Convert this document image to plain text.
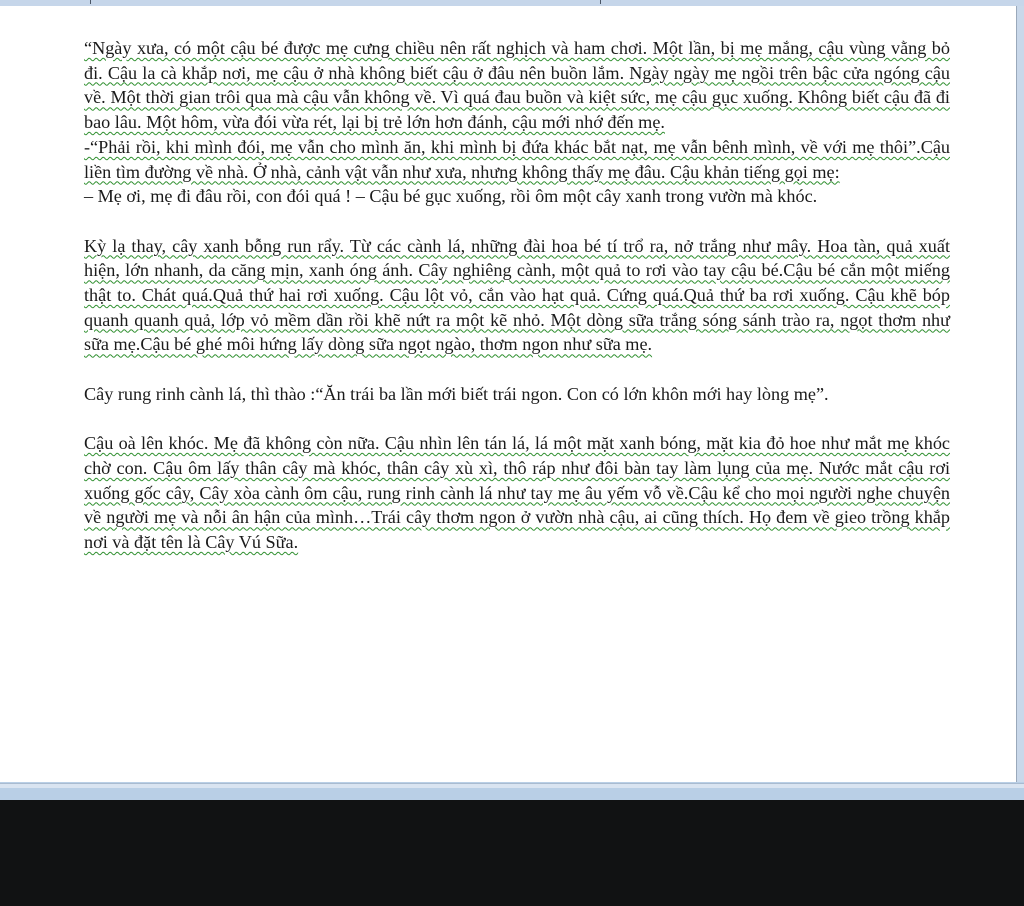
“Ngày xưa, có một cậu bé được mẹ cưng chiều nên rất nghịch và ham chơi. Một lần, bị mẹ mắng, cậu vùng vằng bỏ đi. Cậu la cà khắp nơi, mẹ cậu ở nhà không biết cậu ở đâu nên buồn lắm. Ngày ngày mẹ ngồi trên bậc cửa ngóng cậu về. Một thời gian trôi qua mà cậu vẫn không về. Vì quá đau buồn và kiệt sức, mẹ cậu gục xuống. Không biết cậu đã đi bao lâu. Một hôm, vừa đói vừa rét, lại bị trẻ lớn hơn đánh, cậu mới nhớ đến mẹ.

-“Phải rồi, khi mình đói, mẹ vẫn cho mình ăn, khi mình bị đứa khác bắt nạt, mẹ vẫn bênh mình, về với mẹ thôi”.Cậu liền tìm đường về nhà. Ở nhà, cảnh vật vẫn như xưa, nhưng không thấy mẹ đâu. Cậu khản tiếng gọi mẹ:

– Mẹ ơi, mẹ đi đâu rồi, con đói quá ! – Cậu bé gục xuống, rồi ôm một cây xanh trong vườn mà khóc.

Kỳ lạ thay, cây xanh bỗng run rẩy. Từ các cành lá, những đài hoa bé tí trổ ra, nở trắng như mây. Hoa tàn, quả xuất hiện, lớn nhanh, da căng mịn, xanh óng ánh. Cây nghiêng cành, một quả to rơi vào tay cậu bé.Cậu bé cắn một miếng thật to. Chát quá.Quả thứ hai rơi xuống. Cậu lột vỏ, cắn vào hạt quả. Cứng quá.Quả thứ ba rơi xuống. Cậu khẽ bóp quanh quanh quả, lớp vỏ mềm dần rồi khẽ nứt ra một kẽ nhỏ. Một dòng sữa trắng sóng sánh trào ra, ngọt thơm như sữa mẹ.Cậu bé ghé môi hứng lấy dòng sữa ngọt ngào, thơm ngon như sữa mẹ.

Cây rung rinh cành lá, thì thào :“Ăn trái ba lần mới biết trái ngon. Con có lớn khôn mới hay lòng mẹ”.

Cậu oà lên khóc. Mẹ đã không còn nữa. Cậu nhìn lên tán lá, lá một mặt xanh bóng, mặt kia đỏ hoe như mắt mẹ khóc chờ con. Cậu ôm lấy thân cây mà khóc, thân cây xù xì, thô ráp như đôi bàn tay làm lụng của mẹ. Nước mắt cậu rơi xuống gốc cây, Cây xòa cành ôm cậu, rung rinh cành lá như tay mẹ âu yếm vỗ về.Cậu kể cho mọi người nghe chuyện về người mẹ và nỗi ân hận của mình…Trái cây thơm ngon ở vườn nhà cậu, ai cũng thích. Họ đem về gieo trồng khắp nơi và đặt tên là Cây Vú Sữa.
